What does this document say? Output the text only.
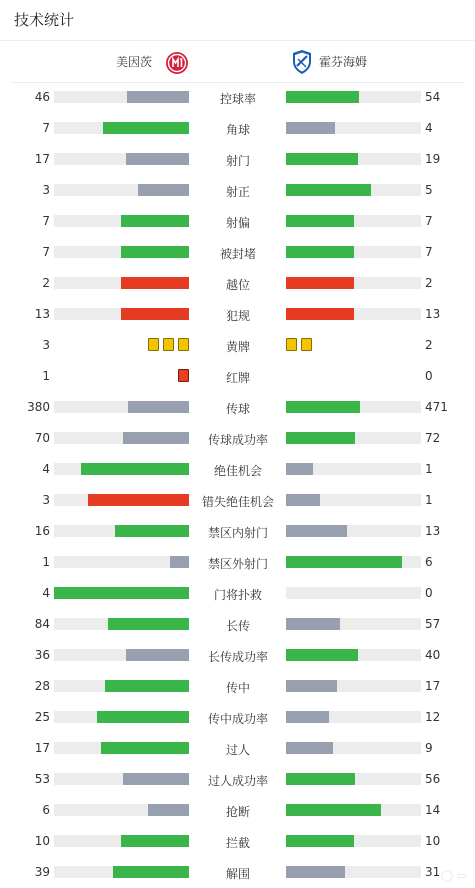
技术统计
美因茨	霍芬海姆
46	控球率	54
7	角球	4
17	射门	19
3	射正	5
7	射偏	7
7	被封堵	7
2	越位	2
13	犯规	13
3	黄牌	2
1	红牌	0
380	传球	471
70	传球成功率	72
4	绝佳机会	1
3	错失绝佳机会	1
16	禁区内射门	13
1	禁区外射门	6
4	门将扑救	0
84	长传	57
36	长传成功率	40
28	传中	17
25	传中成功率	12
17	过人	9
53	过人成功率	56
6	抢断	14
10	拦截	10
39	解围	31 ◯ ▭
